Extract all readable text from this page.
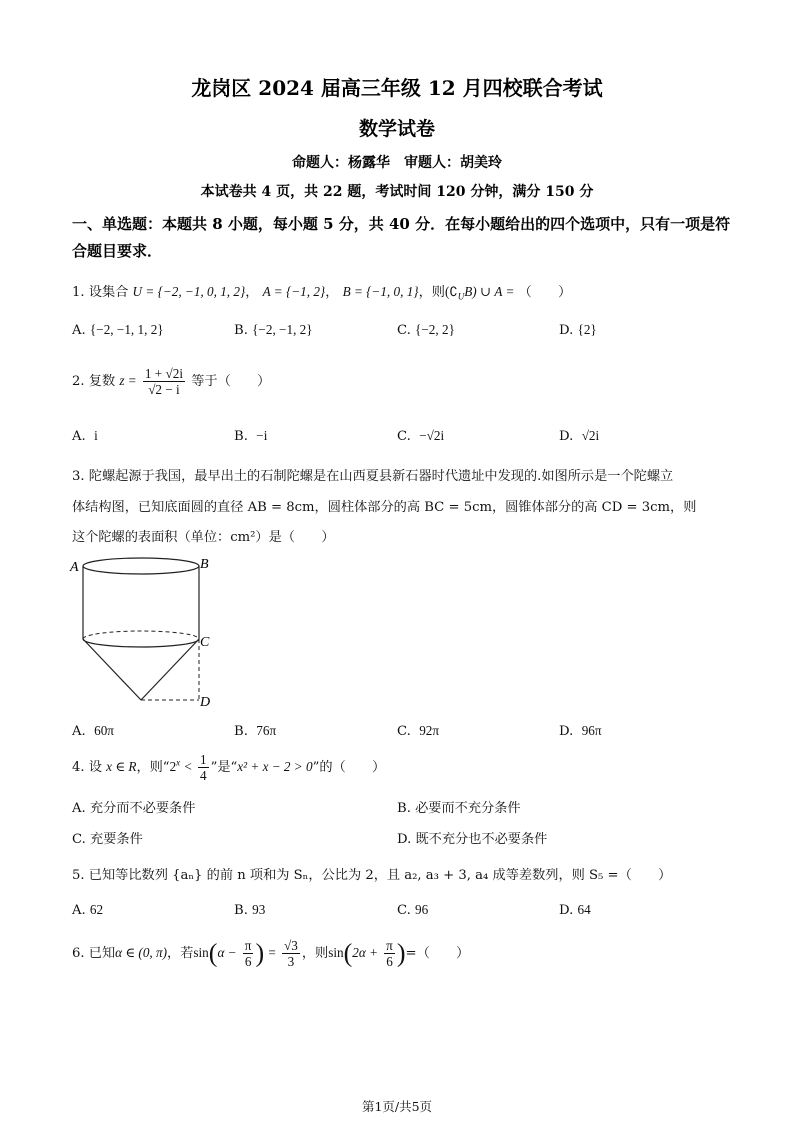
龙岗区 2024 届高三年级 12 月四校联合考试
数学试卷
命题人：杨露华　审题人：胡美玲
本试卷共 4 页，共 22 题，考试时间 120 分钟，满分 150 分
一、单选题：本题共 8 小题，每小题 5 分，共 40 分．在每小题给出的四个选项中，只有一项是符合题目要求．
1. 设集合 U = {−2, −1, 0, 1, 2}， A = {−1, 2}， B = {−1, 0, 1}，则$(∁_UB)$ ∪ A = （　　）
A. {−2, −1, 1, 2}	B. {−2, −1, 2}	C. {−2, 2}	D. {2}
2. 复数 $z = \frac{1 + √2i}{√2 - i}$ 等于（　　）
A. i	B. −i	C. −√2i	D. √2i
3. 陀螺起源于我国，最早出土的石制陀螺是在山西夏县新石器时代遗址中发现的.如图所示是一个陀螺立
体结构图，已知底面圆的直径 AB = 8cm，圆柱体部分的高 BC = 5cm，圆锥体部分的高 CD = 3cm，则
这个陀螺的表面积（单位：cm²）是（　　）
A	B
C
D
A. 60π	B. 76π	C. 92π	D. 96π
4. 设 x ∈ R，则“$2^x < \frac{1}{4}$ ”是“x² + x − 2 > 0”的（　　）
A. 充分而不必要条件	B. 必要而不充分条件
C. 充要条件	D. 既不充分也不必要条件
5. 已知等比数列 {aₙ} 的前 n 项和为 Sₙ，公比为 2，且 a₂, a₃ + 3, a₄ 成等差数列，则 S₅ =（　　）
A. 62	B. 93	C. 96	D. 64
6. 已知α ∈ (0, π)，若$\sin(\alpha - \frac{\pi}{6}$ ) = $\frac{√3}{3}$ ，则$\sin(2\alpha + \frac{\pi}{6}$ )=（　　）
第1页/共5页
